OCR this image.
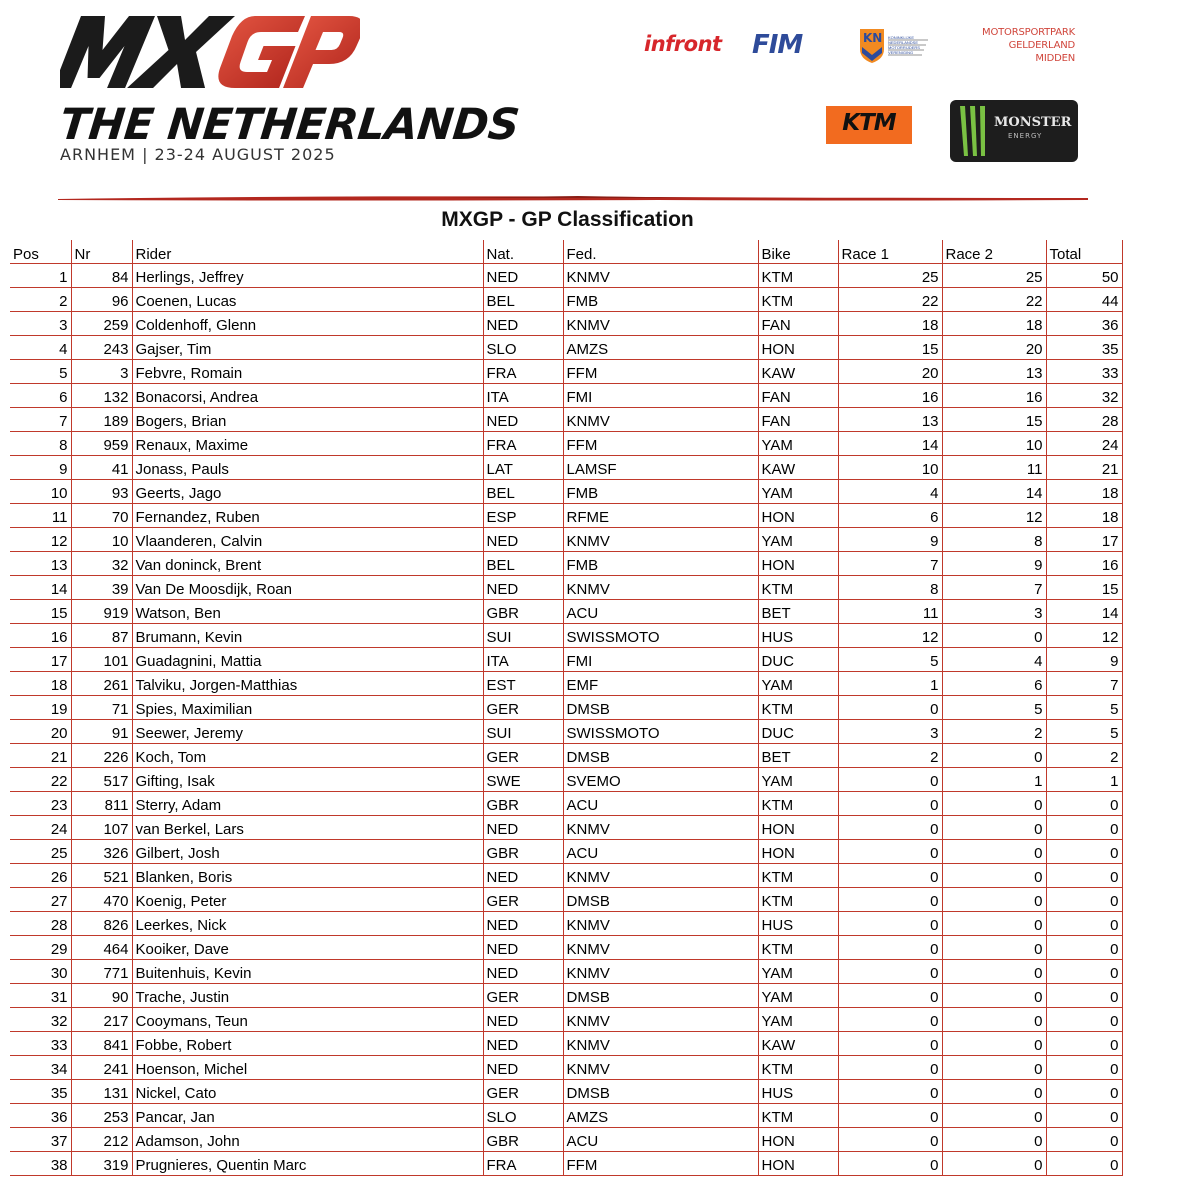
THE NETHERLANDS
ARNHEM | 23-24 AUGUST 2025
infront FIM	KN KONINKLIJKE NEDERLANDSE MOTORRIJDERS VERENIGING
MOTORSPORTPARK
GELDERLAND
MIDDEN
KTM	MONSTER
ENERGY
MXGP - GP Classification
Pos	Nr	Rider	Nat.	Fed.	Bike	Race 1	Race 2	Total
1	84	Herlings, Jeffrey	NED	KNMV	KTM	25	25	50
2	96	Coenen, Lucas	BEL	FMB	KTM	22	22	44
3	259	Coldenhoff, Glenn	NED	KNMV	FAN	18	18	36
4	243	Gajser, Tim	SLO	AMZS	HON	15	20	35
5	3	Febvre, Romain	FRA	FFM	KAW	20	13	33
6	132	Bonacorsi, Andrea	ITA	FMI	FAN	16	16	32
7	189	Bogers, Brian	NED	KNMV	FAN	13	15	28
8	959	Renaux, Maxime	FRA	FFM	YAM	14	10	24
9	41	Jonass, Pauls	LAT	LAMSF	KAW	10	11	21
10	93	Geerts, Jago	BEL	FMB	YAM	4	14	18
11	70	Fernandez, Ruben	ESP	RFME	HON	6	12	18
12	10	Vlaanderen, Calvin	NED	KNMV	YAM	9	8	17
13	32	Van doninck, Brent	BEL	FMB	HON	7	9	16
14	39	Van De Moosdijk, Roan	NED	KNMV	KTM	8	7	15
15	919	Watson, Ben	GBR	ACU	BET	11	3	14
16	87	Brumann, Kevin	SUI	SWISSMOTO	HUS	12	0	12
17	101	Guadagnini, Mattia	ITA	FMI	DUC	5	4	9
18	261	Talviku, Jorgen-Matthias	EST	EMF	YAM	1	6	7
19	71	Spies, Maximilian	GER	DMSB	KTM	0	5	5
20	91	Seewer, Jeremy	SUI	SWISSMOTO	DUC	3	2	5
21	226	Koch, Tom	GER	DMSB	BET	2	0	2
22	517	Gifting, Isak	SWE	SVEMO	YAM	0	1	1
23	811	Sterry, Adam	GBR	ACU	KTM	0	0	0
24	107	van Berkel, Lars	NED	KNMV	HON	0	0	0
25	326	Gilbert, Josh	GBR	ACU	HON	0	0	0
26	521	Blanken, Boris	NED	KNMV	KTM	0	0	0
27	470	Koenig, Peter	GER	DMSB	KTM	0	0	0
28	826	Leerkes, Nick	NED	KNMV	HUS	0	0	0
29	464	Kooiker, Dave	NED	KNMV	KTM	0	0	0
30	771	Buitenhuis, Kevin	NED	KNMV	YAM	0	0	0
31	90	Trache, Justin	GER	DMSB	YAM	0	0	0
32	217	Cooymans, Teun	NED	KNMV	YAM	0	0	0
33	841	Fobbe, Robert	NED	KNMV	KAW	0	0	0
34	241	Hoenson, Michel	NED	KNMV	KTM	0	0	0
35	131	Nickel, Cato	GER	DMSB	HUS	0	0	0
36	253	Pancar, Jan	SLO	AMZS	KTM	0	0	0
37	212	Adamson, John	GBR	ACU	HON	0	0	0
38	319	Prugnieres, Quentin Marc	FRA	FFM	HON	0	0	0
